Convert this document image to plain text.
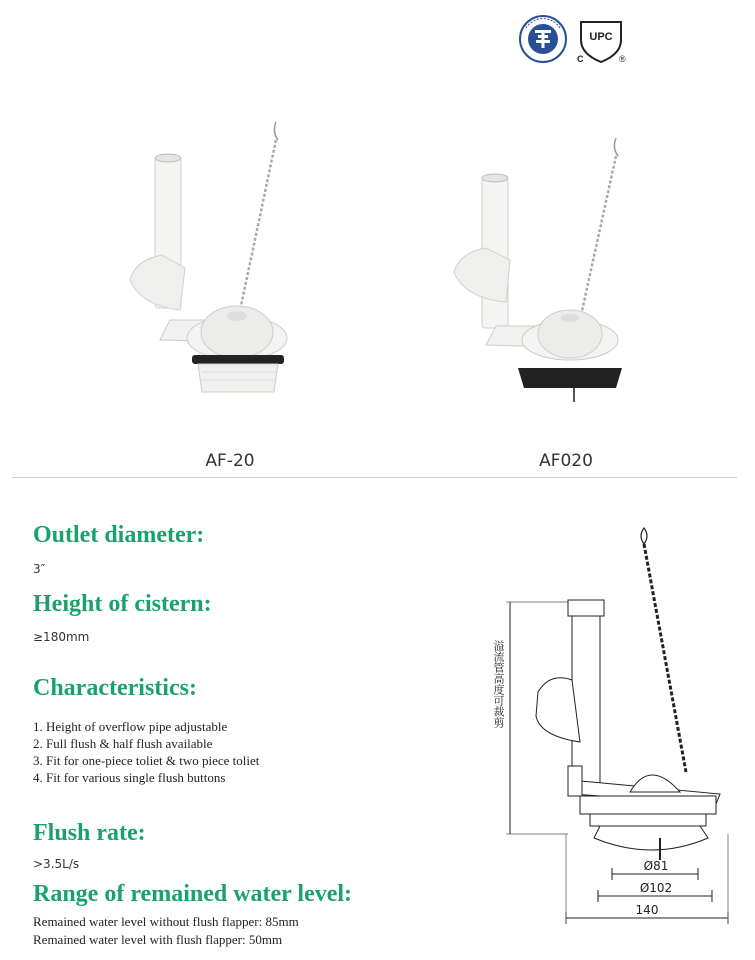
UPC
C	®
AF-20	AF020
Outlet diameter:
3″
Height of cistern:
≥180mm
Characteristics:
1. Height of overflow pipe adjustable
2. Full flush & half flush available
3. Fit for one-piece toliet & two piece toliet
4. Fit for various single flush buttons
Flush rate:
>3.5L/s
Range of remained water level:
Remained water level without flush flapper: 85mm
Remained water level with flush flapper: 50mm
Ø81
Ø102
140
溢流管高度可裁剪
